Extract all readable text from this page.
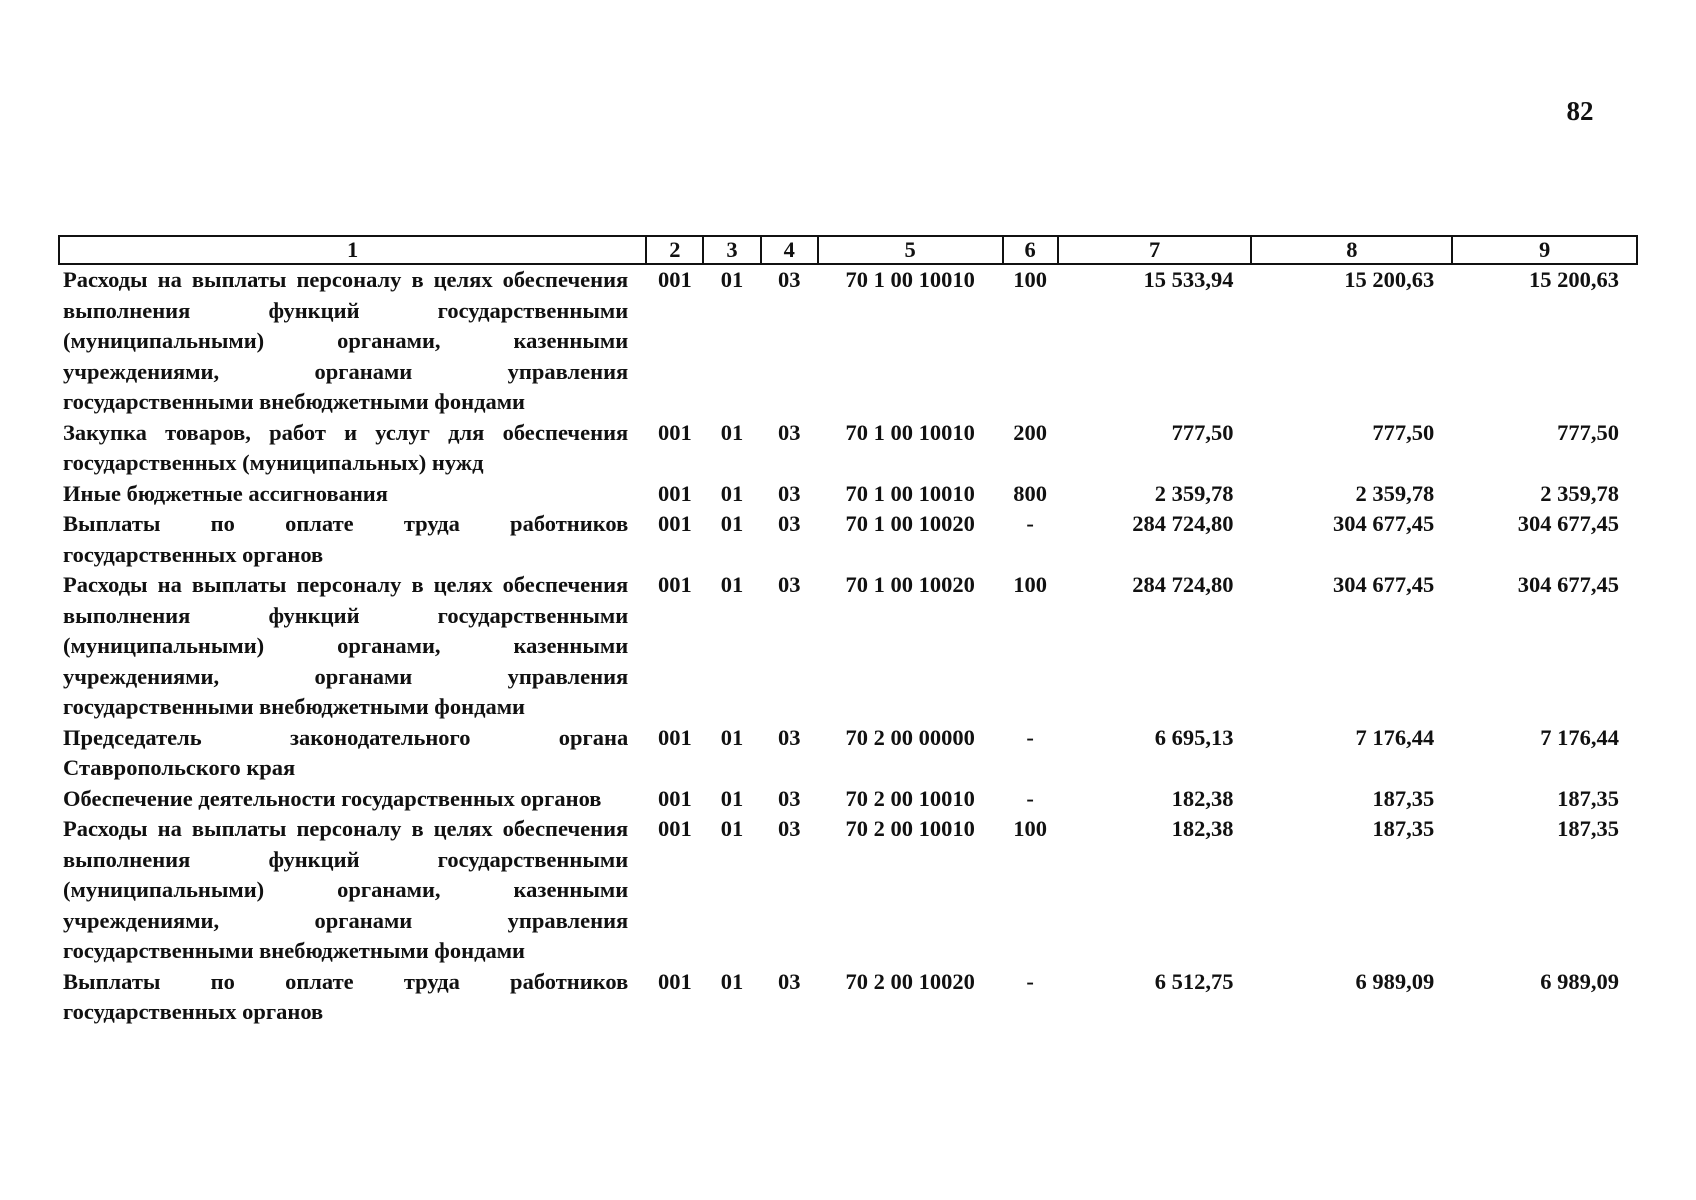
82
1	2	3	4	5	6	7	8	9

Расходы на выплаты персоналу в целях обеспечения выполнения функций государственными (муниципальными) органами, казенными учреждениями, органами управления государственными внебюджетными фондами	001	01	03	70 1 00 10010	100	15 533,94	15 200,63	15 200,63

Закупка товаров, работ и услуг для обеспечения государственных (муниципальных) нужд	001	01	03	70 1 00 10010	200	777,50	777,50	777,50

Иные бюджетные ассигнования	001	01	03	70 1 00 10010	800	2 359,78	2 359,78	2 359,78

Выплаты по оплате труда работников государственных органов	001	01	03	70 1 00 10020	-	284 724,80	304 677,45	304 677,45

Расходы на выплаты персоналу в целях обеспечения выполнения функций государственными (муниципальными) органами, казенными учреждениями, органами управления государственными внебюджетными фондами	001	01	03	70 1 00 10020	100	284 724,80	304 677,45	304 677,45

Председатель законодательного органа Ставропольского края	001	01	03	70 2 00 00000	-	6 695,13	7 176,44	7 176,44

Обеспечение деятельности государственных органов	001	01	03	70 2 00 10010	-	182,38	187,35	187,35

Расходы на выплаты персоналу в целях обеспечения выполнения функций государственными (муниципальными) органами, казенными учреждениями, органами управления государственными внебюджетными фондами	001	01	03	70 2 00 10010	100	182,38	187,35	187,35

Выплаты по оплате труда работников государственных органов	001	01	03	70 2 00 10020	-	6 512,75	6 989,09	6 989,09
